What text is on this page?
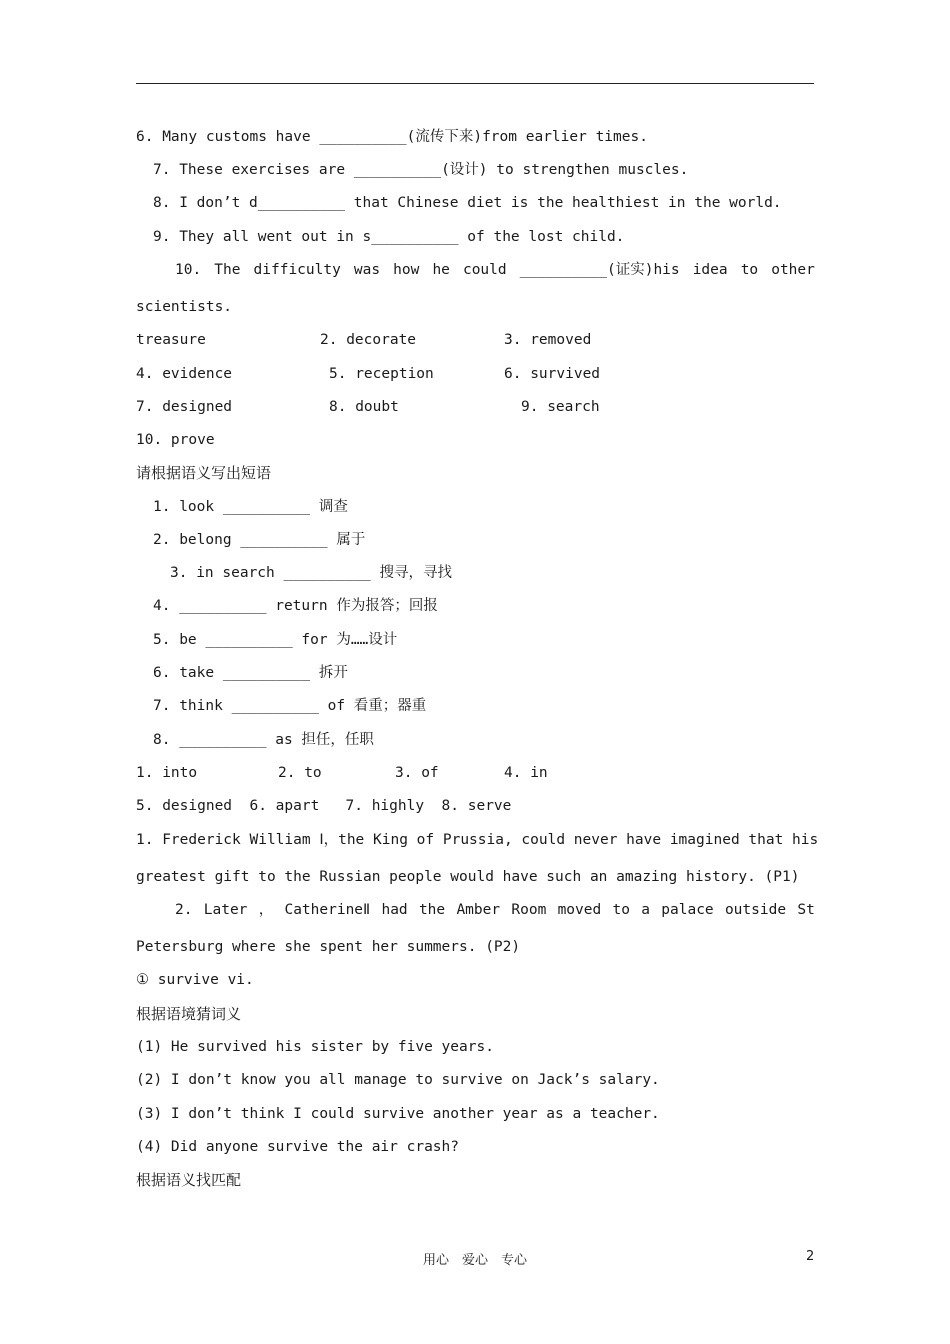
6. Many customs have __________(流传下来)from earlier times.
7. These exercises are __________(设计) to strengthen muscles.
8. I don’t d__________ that Chinese diet is the healthiest in the world.
9. They all went out in s__________ of the lost child.
10. The difficulty was how he could __________(证实)his idea to other
scientists.
treasure	2. decorate	3. removed
4. evidence	5. reception	6. survived
7. designed	8. doubt	9. search
10. prove
请根据语义写出短语
1. look __________ 调查
2. belong __________ 属于
3. in search __________ 搜寻，寻找
4. __________ return 作为报答；回报
5. be __________ for 为……设计
6. take __________ 拆开
7. think __________ of 看重；器重
8. __________ as 担任，任职
1. into	2. to	3. of	4. in
5. designed  6. apart   7. highly  8. serve
1. Frederick William Ⅰ，the King of Prussia, could never have imagined that his
greatest gift to the Russian people would have such an amazing history. (P1)
2. Later ， CatherineⅡ had the Amber Room moved to a palace outside St
Petersburg where she spent her summers. (P2)
① survive vi.
根据语境猜词义
(1) He survived his sister by five years.
(2) I don’t know you all manage to survive on Jack’s salary.
(3) I don’t think I could survive another year as a teacher.
(4) Did anyone survive the air crash?
根据语义找匹配
用心　爱心　专心	2
